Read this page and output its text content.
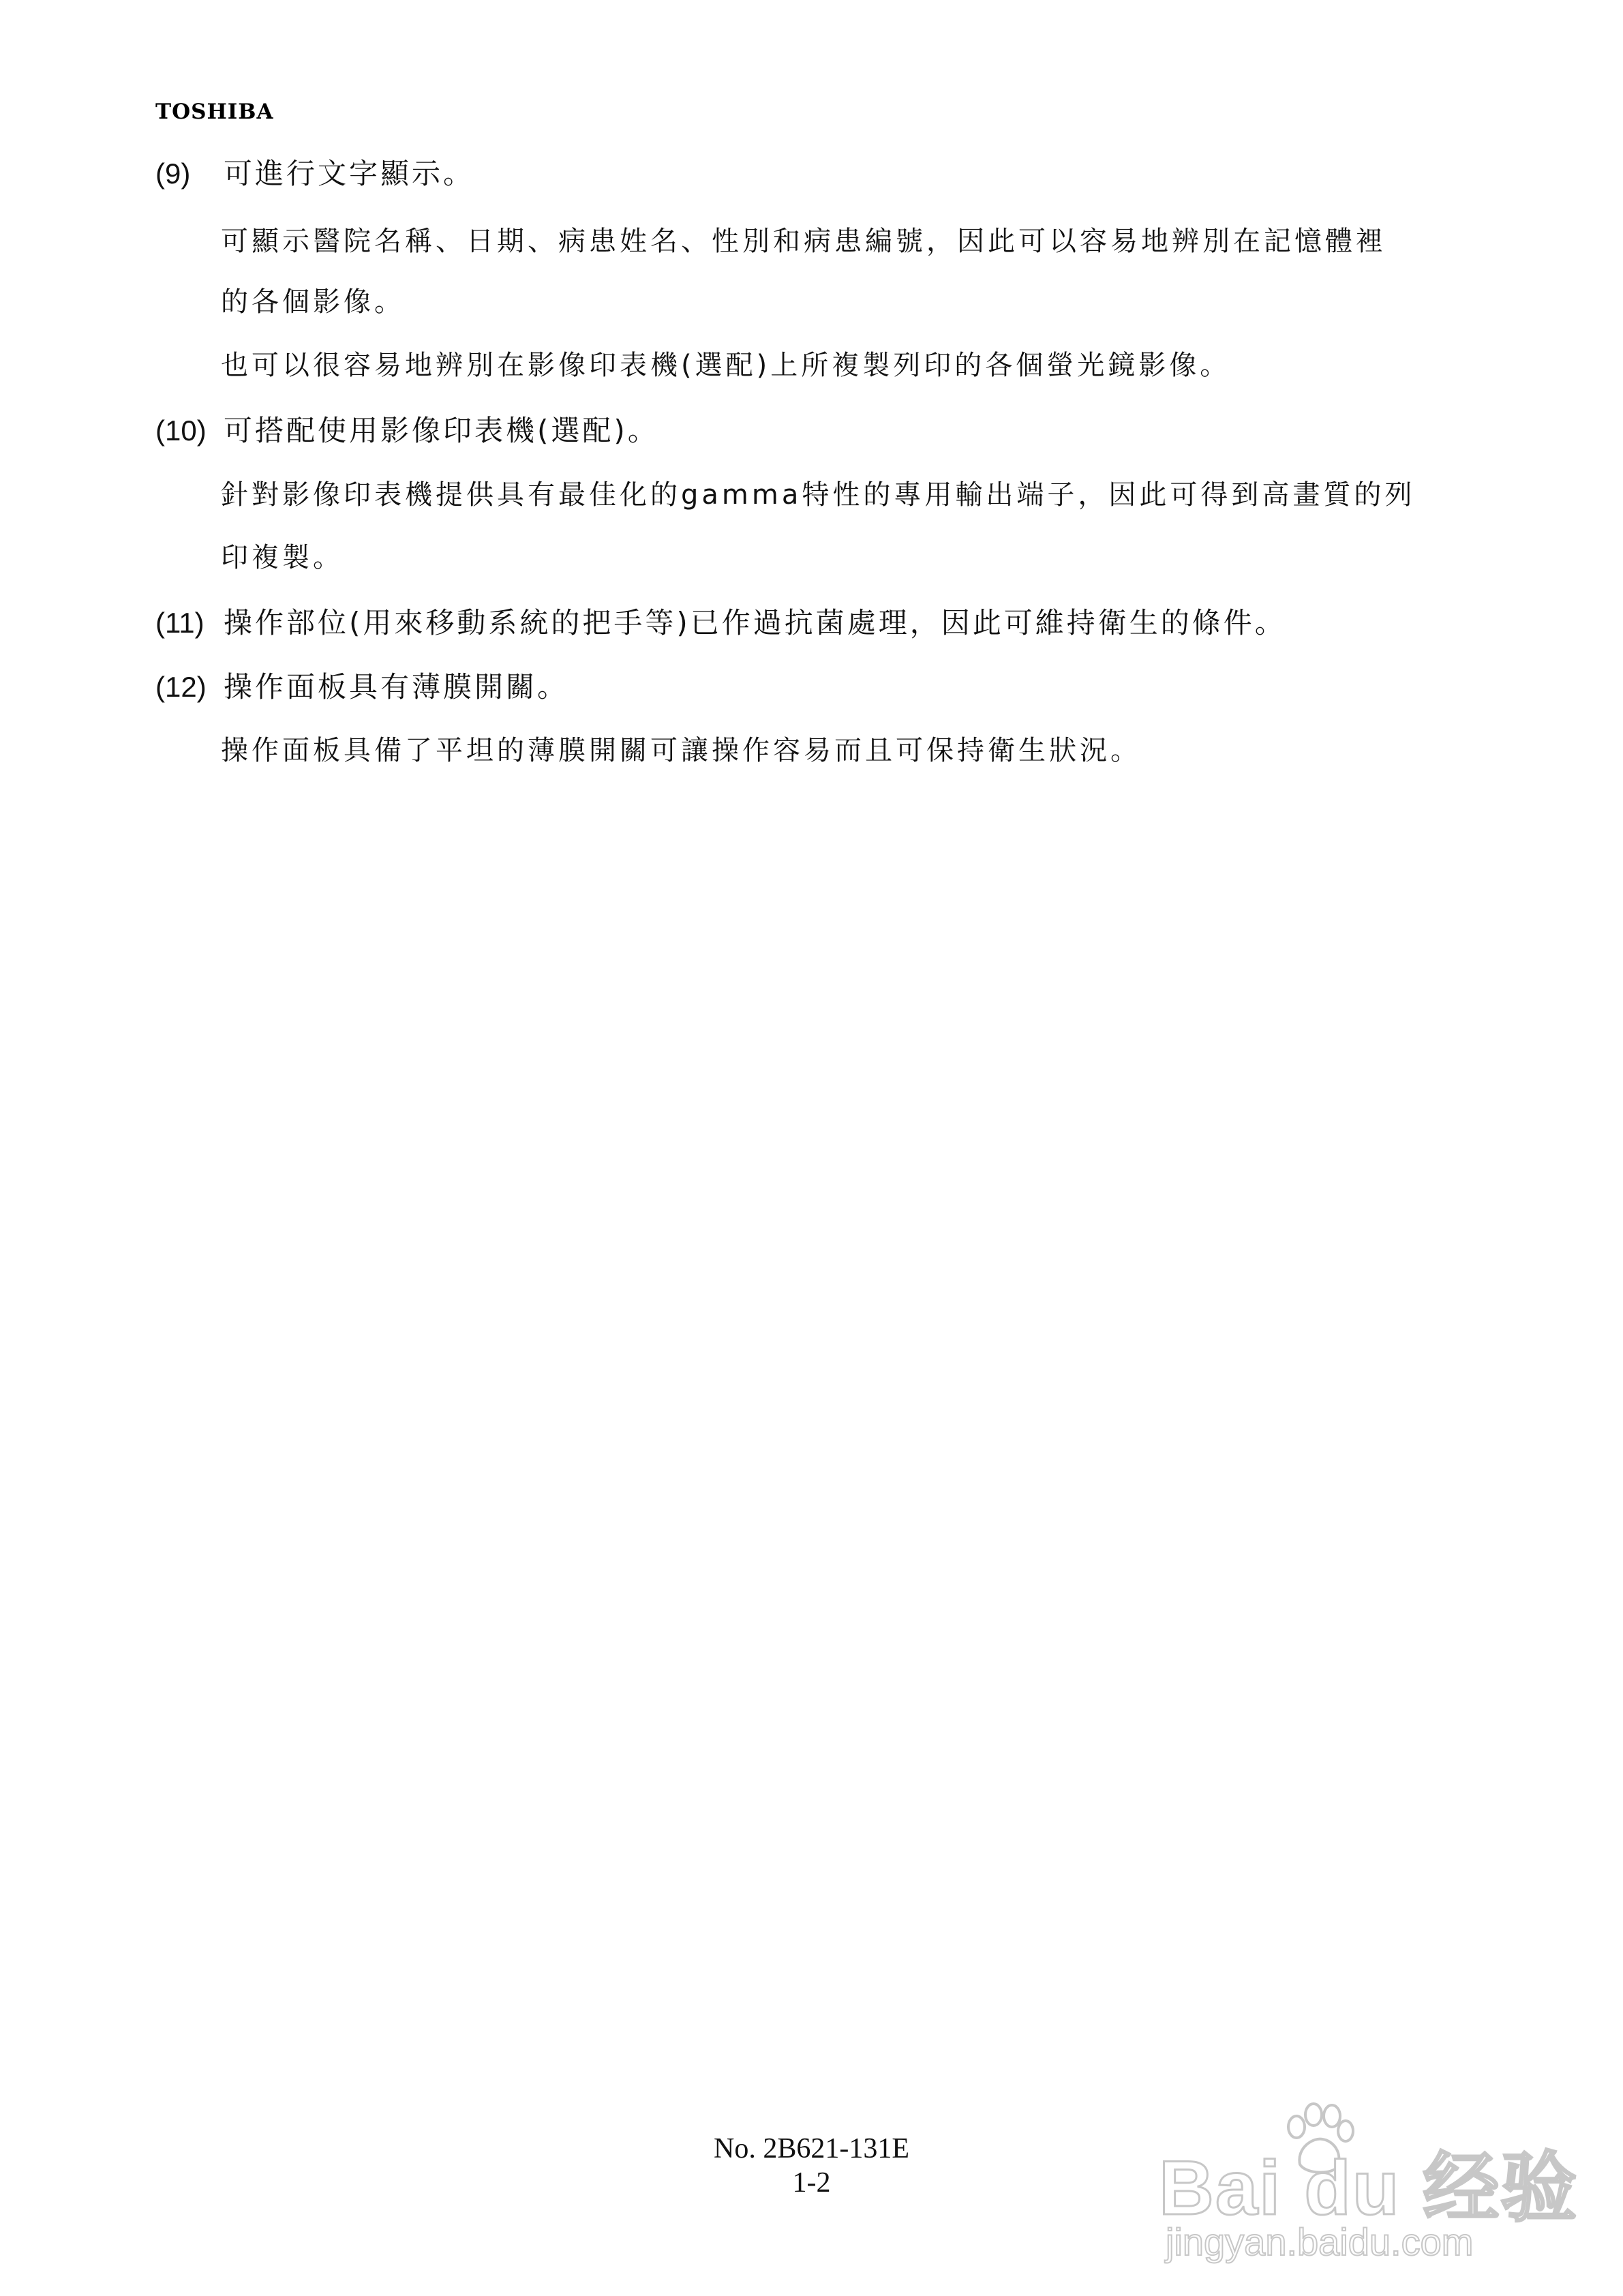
TOSHIBA
(9) 可進行文字顯示。
可顯示醫院名稱、日期、病患姓名、性別和病患編號，因此可以容易地辨別在記憶體裡
的各個影像。
也可以很容易地辨別在影像印表機(選配)上所複製列印的各個螢光鏡影像。
(10) 可搭配使用影像印表機(選配)。
針對影像印表機提供具有最佳化的gamma特性的專用輸出端子，因此可得到高畫質的列
印複製。
(11) 操作部位(用來移動系統的把手等)已作過抗菌處理，因此可維持衛生的條件。
(12) 操作面板具有薄膜開關。
操作面板具備了平坦的薄膜開關可讓操作容易而且可保持衛生狀況。
No. 2B621-131E
1-2	Bai du 经验
jingyan.baidu.com
